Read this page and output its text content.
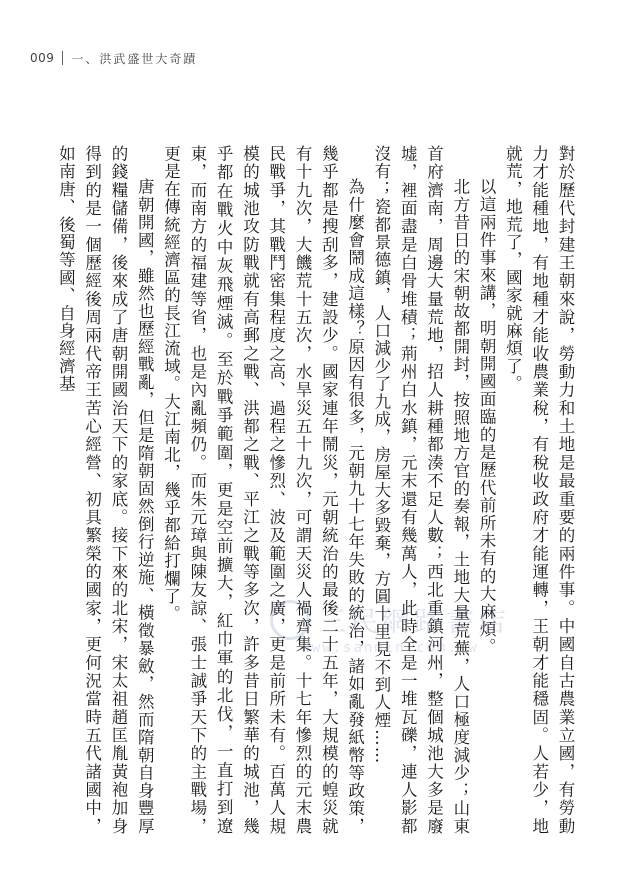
009 一、洪武盛世大奇蹟

對於歷代封建王朝來說，勞動力和土地是最重要的兩件事。中國自古農業立國，有勞動力才能種地，有地種才能收農業稅，有稅收政府才能運轉，王朝才能穩固。人若少，地就荒，地荒了，國家就麻煩了。

以這兩件事來講，明朝開國面臨的是歷代前所未有的大麻煩。

北方昔日的宋朝故都開封，按照地方官的奏報，土地大量荒蕪，人口極度減少；山東首府濟南，周邊大量荒地，招人耕種都湊不足人數；西北重鎮河州，整個城池大多是廢墟，裡面盡是白骨堆積；荊州白水鎮，元末還有幾萬人，此時全是一堆瓦礫，連人影都沒有；瓷都景德鎮，人口減少了九成，房屋大多毀棄，方圓十里見不到人煙……

為什麼會鬧成這樣？原因有很多，元朝九十七年失敗的統治，諸如亂發紙幣等政策，幾乎都是搜刮多，建設少。國家連年鬧災，元朝統治的最後二十五年，大規模的蝗災就有十九次，大饑荒十五次，水旱災五十九次，可謂天災人禍齊集。十七年慘烈的元末農民戰爭，其戰鬥密集程度之高、過程之慘烈、波及範圍之廣，更是前所未有。百萬人規模的城池攻防戰就有高郵之戰、洪都之戰、平江之戰等多次，許多昔日繁華的城池，幾乎都在戰火中灰飛煙滅。至於戰爭範圍，更是空前擴大，紅巾軍的北伐，一直打到遼東，而南方的福建等省，也是內亂頻仍。而朱元璋與陳友諒、張士誠爭天下的主戰場，更是在傳統經濟區的長江流域。大江南北，幾乎都給打爛了。

唐朝開國，雖然也歷經戰亂，但是隋朝固然倒行逆施、橫徵暴斂，然而隋朝自身豐厚的錢糧儲備，後來成了唐朝開國治天下的家底。接下來的北宋，宋太祖趙匡胤黃袍加身得到的是一個歷經後周兩代帝王苦心經營、初具繁榮的國家，更何況當時五代諸國中，如南唐、後蜀等國、自身經濟基

三民網路書店
www.sanmin.com.tw
